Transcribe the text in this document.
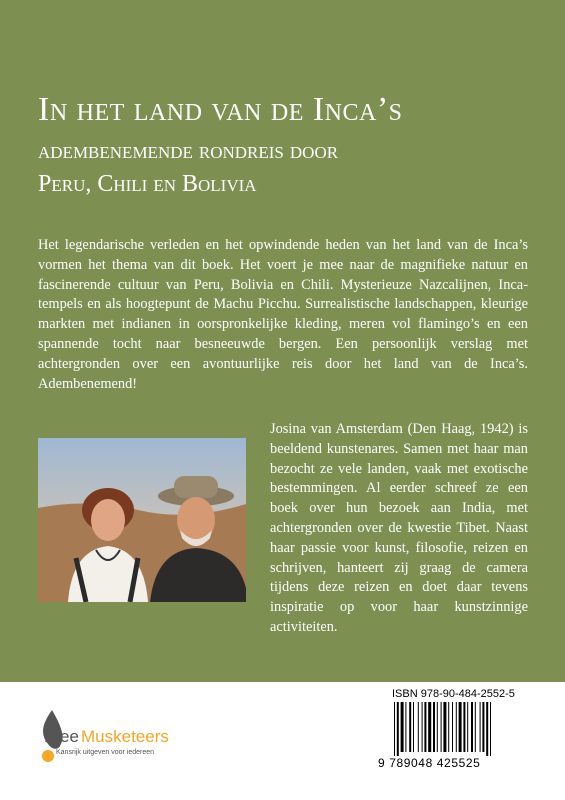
In het land van de Inca’s
adembenemende rondreis door
Peru, Chili en Bolivia
Het legendarische verleden en het opwindende heden van het land van de Inca’s vormen het thema van dit boek. Het voert je mee naar de magnifieke natuur en fascinerende cultuur van Peru, Bolivia en Chili. Mysterieuze Nazcalijnen, Inca-tempels en als hoogtepunt de Machu Picchu. Surrealistische landschappen, kleurige markten met indianen in oorspronkelijke kleding, meren vol flamingo’s en een spannende tocht naar besneeuwde bergen. Een persoonlijk verslag met achtergronden over een avontuurlijke reis door het land van de Inca’s. Adembenemend!
Josina van Amsterdam (Den Haag, 1942) is beeldend kunstenares. Samen met haar man bezocht ze vele landen, vaak met exotische bestemmingen. Al eerder schreef ze een boek over hun bezoek aan India, met achtergronden over de kwestie Tibet. Naast haar passie voor kunst, filosofie, reizen en schrijven, hanteert zij graag de camera tijdens deze reizen en doet daar tevens inspiratie op voor haar kunstzinnige activiteiten.
Free Musketeers
Kansrijk uitgeven voor iedereen
ISBN 978-90-484-2552-5
9 789048 425525
